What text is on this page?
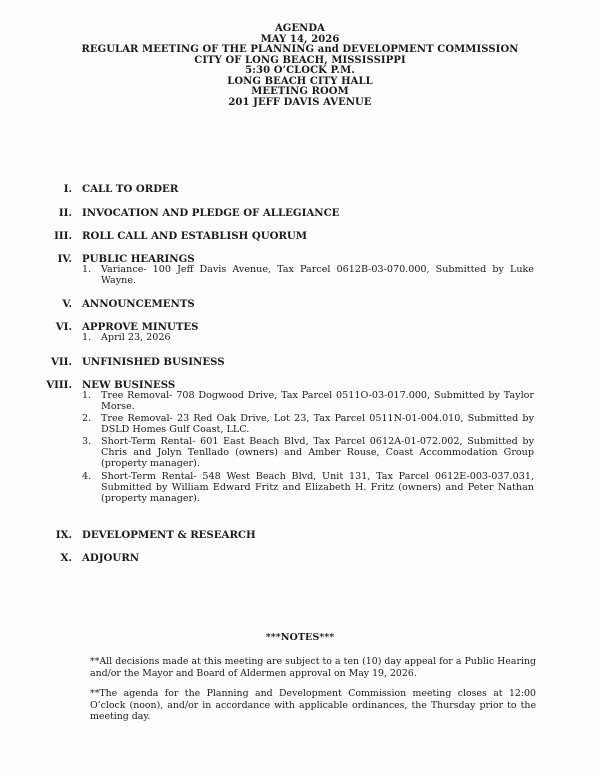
AGENDA
MAY 14, 2026
REGULAR MEETING OF THE PLANNING and DEVELOPMENT COMMISSION
CITY OF LONG BEACH, MISSISSIPPI
5:30 O’CLOCK P.M.
LONG BEACH CITY HALL
MEETING ROOM
201 JEFF DAVIS AVENUE
I. CALL TO ORDER
II. INVOCATION AND PLEDGE OF ALLEGIANCE
III. ROLL CALL AND ESTABLISH QUORUM
IV. PUBLIC HEARINGS
1.	Variance- 100 Jeff Davis Avenue, Tax Parcel 0612B-03-070.000, Submitted by Luke Wayne.
V. ANNOUNCEMENTS
VI. APPROVE MINUTES
1.	April 23, 2026
VII. UNFINISHED BUSINESS
VIII. NEW BUSINESS
1.	Tree Removal- 708 Dogwood Drive, Tax Parcel 0511O-03-017.000, Submitted by Taylor Morse.
2.	Tree Removal- 23 Red Oak Drive, Lot 23, Tax Parcel 0511N-01-004.010, Submitted by DSLD Homes Gulf Coast, LLC.
3.	Short-Term Rental- 601 East Beach Blvd, Tax Parcel 0612A-01-072.002, Submitted by Chris and Jolyn Tenllado (owners) and Amber Rouse, Coast Accommodation Group (property manager).
4.	Short-Term Rental- 548 West Beach Blvd, Unit 131, Tax Parcel 0612E-003-037.031, Submitted by William Edward Fritz and Elizabeth H. Fritz (owners) and Peter Nathan (property manager).
IX. DEVELOPMENT & RESEARCH
X. ADJOURN
***NOTES***
**All decisions made at this meeting are subject to a ten (10) day appeal for a Public Hearing and/or the Mayor and Board of Aldermen approval on May 19, 2026.
**The agenda for the Planning and Development Commission meeting closes at 12:00 O’clock (noon), and/or in accordance with applicable ordinances, the Thursday prior to the meeting day.
